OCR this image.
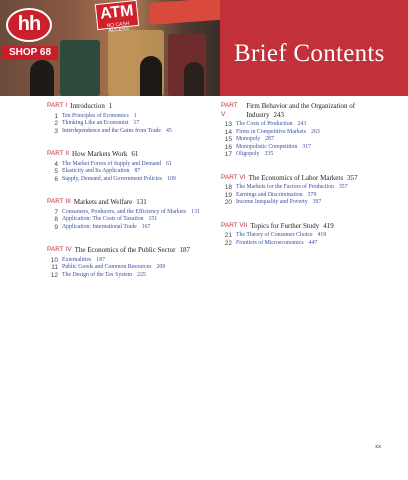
ATM
NO CASH ACCESS
hh
SHOP 68	Brief Contents
PART I Introduction 1
1 Ten Principles of Economics 1
2 Thinking Like an Economist 17
3 Interdependence and the Gains from Trade 45
PART II How Markets Work 61
4 The Market Forces of Supply and Demand 61
5 Elasticity and Its Application 87
6 Supply, Demand, and Government Policies 109
PART III Markets and Welfare 131
7 Consumers, Producers, and the Efficiency of Markets 131
8 Application: The Costs of Taxation 151
9 Application: International Trade 167
PART IV The Economics of the Public Sector 187
10 Externalities 187
11 Public Goods and Common Resources 209
12 The Design of the Tax System 225
PART V
Firm Behavior and the Organization of Industry 243
13 The Costs of Production 243
14 Firms in Competitive Markets 263
15 Monopoly 287
16 Monopolistic Competition 317
17 Oligopoly 335
PART VI The Economics of Labor Markets 357
18 The Markets for the Factors of Production 357
19 Earnings and Discrimination 379
20 Income Inequality and Poverty 397
PART VII Topics for Further Study 419
21 The Theory of Consumer Choice 419
22 Frontiers of Microeconomics 447
xx
